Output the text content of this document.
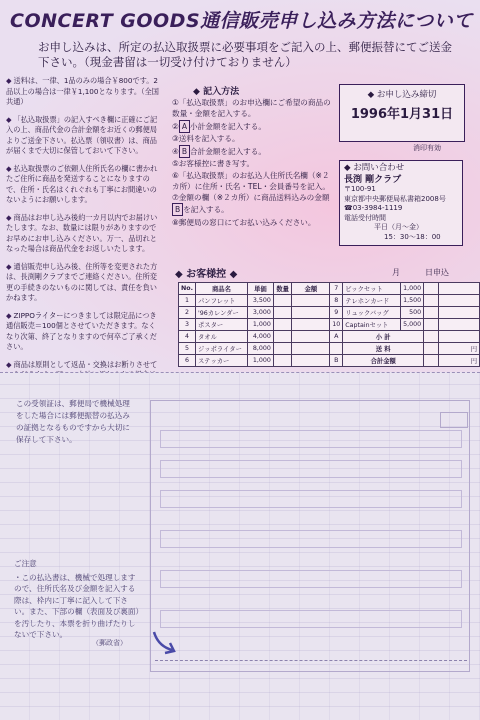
CONCERT GOODS通信販売申し込み方法について
お申し込みは、所定の払込取扱票に必要事項をご記入の上、郵便振替にてご送金下さい。（現金書留は一切受け付けておりません）
◆ 送料は、一律、1品のみの場合￥800です。2品以上の場合は一律￥1,100となります。（全国共通）
◆ 「払込取扱票」の記入すべき欄に正確にご記入の上、商品代金の合計金額をお近くの郵便局よりご送金下さい。払込票（領収書）は、商品が届くまで大切に保管しておいて下さい。
◆ 払込取扱票のご依頼人住所氏名の欄に書かれたご住所に商品を発送することになりますので、住所・氏名はくれぐれも丁寧にお間違いのないようにお願いします。
◆ 商品はお申し込み後約一カ月以内でお届けいたします。なお、数量には限りがありますのでお早めにお申し込みください。万一、品切れとなった場合は商品代金をお返しいたします。
◆ 通信販売申し込み後、住所等を変更された方は、長渕剛クラブまでご連絡ください。住所変更の手続きのないものに関しては、責任を負いかねます。
◆ ZIPPOライターにつきましては限定品につき通信販売＝100個とさせていただきます。なくなり次第、終了となりますので何卒ご了承ください。
◆ 商品は原則として返品・交換はお断りさせて
◆ 記入方法
①「払込取扱票」のお申込欄にご希望の商品の数量・金額を記入する。
② A 小計金額を記入する。
③送料を記入する。
④ B 合計金額を記入する。
⑤お客様控に書き写す。
⑥「払込取扱票」のお払込人住所氏名欄（※２カ所）に住所・氏名・TEL・会員番号を記入。
⑦金額の欄（※２カ所）に商品送料込みの金額B を記入する。
⑧郵便局の窓口にてお払い込みください。
◆ お申し込み締切
1996年1月31日
消印有効
◆ お問い合わせ
長渕 剛クラブ
〒100-91
東京都中央郵便局私書箱2008号
☎03-3984-1119
電話受付時間
平日（月〜金）
15：30〜18：00
◆ お客様控 ◆	月	日申込
No.	商品名	単価	数量	金額	7	ピックセット	1,000		
1	パンフレット	3,500			8	テレホンカード	1,500		
2	'96カレンダー	3,000			9	リュックバッグ	500		
3	ポスター	1,000			10	Captainセット	5,000		
4	タオル	4,000			A	小 計			
5	ジッポライター	8,000				送 料			円
6	ステッカー	1,000			B	合計金額			円
この受領証は、郵便局で機械処理をした場合には郵便振替の払込みの証拠となるものですから大切に保存して下さい。
ご注意
・この払込書は、機械で処理しますので、住所氏名及び金額を記入する際は、枠内に丁寧に記入して下さい。また、下部の欄（表面及び裏面）を汚したり、本票を折り曲げたりしないで下さい。
（郵政省）
